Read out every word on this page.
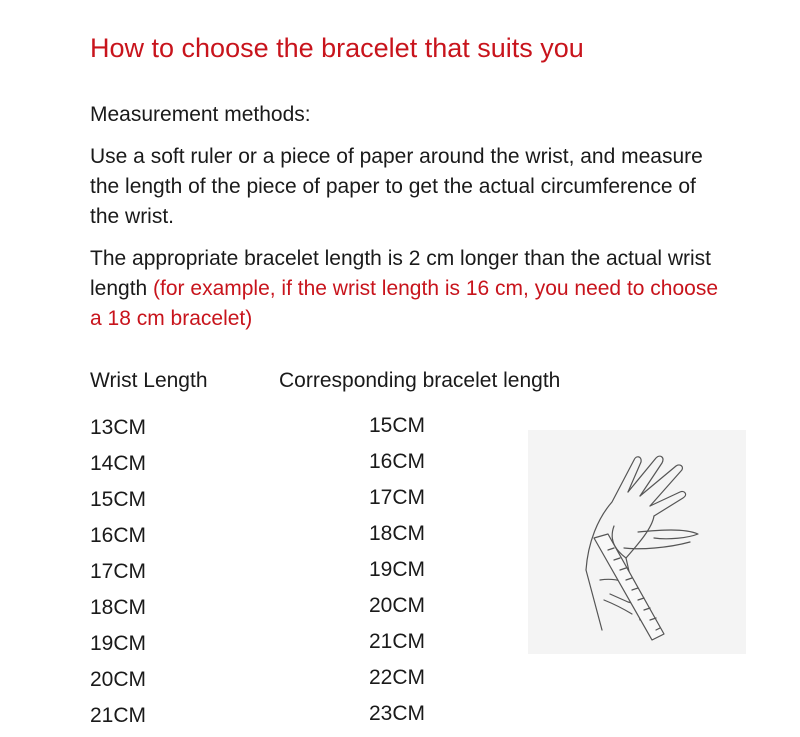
How to choose the bracelet that suits you
Measurement methods:
Use a soft ruler or a piece of paper around the wrist, and measure the length of the piece of paper to get the actual circumference of the wrist.
The appropriate bracelet length is 2 cm longer than the actual wrist length (for example, if the wrist length is 16 cm, you need to choose a 18 cm bracelet)
Wrist Length	Corresponding bracelet length
13CM
14CM
15CM
16CM
17CM
18CM
19CM
20CM
21CM
15CM
16CM
17CM
18CM
19CM
20CM
21CM
22CM
23CM
